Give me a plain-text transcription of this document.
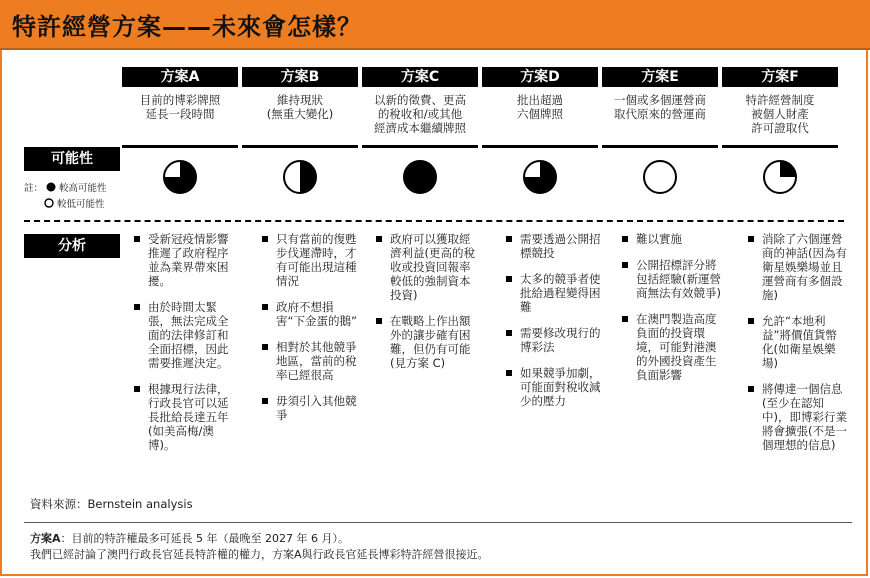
特許經營方案——未來會怎樣？
方案A
目前的博彩牌照
延長一段時間
受新冠疫情影響推遲了政府程序並為業界帶來困擾。
由於時間太緊張，無法完成全面的法律修訂和全面招標，因此需要推遲決定。
根據現行法律，行政長官可以延長批給長達五年(如美高梅/澳博)。
方案B
維持現狀
(無重大變化)
只有當前的復甦步伐遲滯時，才有可能出現這種情況
政府不想損害“下金蛋的鵝”
相對於其他競爭地區，當前的稅率已經很高
毋須引入其他競爭
方案C
以新的徵費、更高
的稅收和/或其他
經濟成本繼續牌照
政府可以獲取經濟利益(更高的稅收或投資回報率較低的強制資本投資)
在戰略上作出額外的讓步確有困難，但仍有可能 (見方案 C)
方案D
批出超過
六個牌照
需要透過公開招標競投
太多的競爭者使批給過程變得困難
需要修改現行的博彩法
如果競爭加劇，可能面對稅收減少的壓力
方案E
一個或多個運營商
取代原來的營運商
難以實施
公開招標評分將包括經驗(新運營商無法有效競爭)
在澳門製造高度負面的投資環境，可能對港澳的外國投資產生負面影響
方案F
特許經營制度
被個人財產
許可證取代
消除了六個運營商的神話(因為有衛星娛樂場並且運營商有多個設施)
允許“本地利益”將價值貨幣化(如衛星娛樂場)
將傳達一個信息(至少在認知中)，即博彩行業將會擴張(不是一個理想的信息)
可能性
註： 較高可能性
較低可能性
分析
資料來源：Bernstein analysis
方案A：目前的特許權最多可延長 5 年（最晚至 2027 年 6 月）。
我們已經討論了澳門行政長官延長特許權的權力，方案A與行政長官延長博彩特許經營很接近。
